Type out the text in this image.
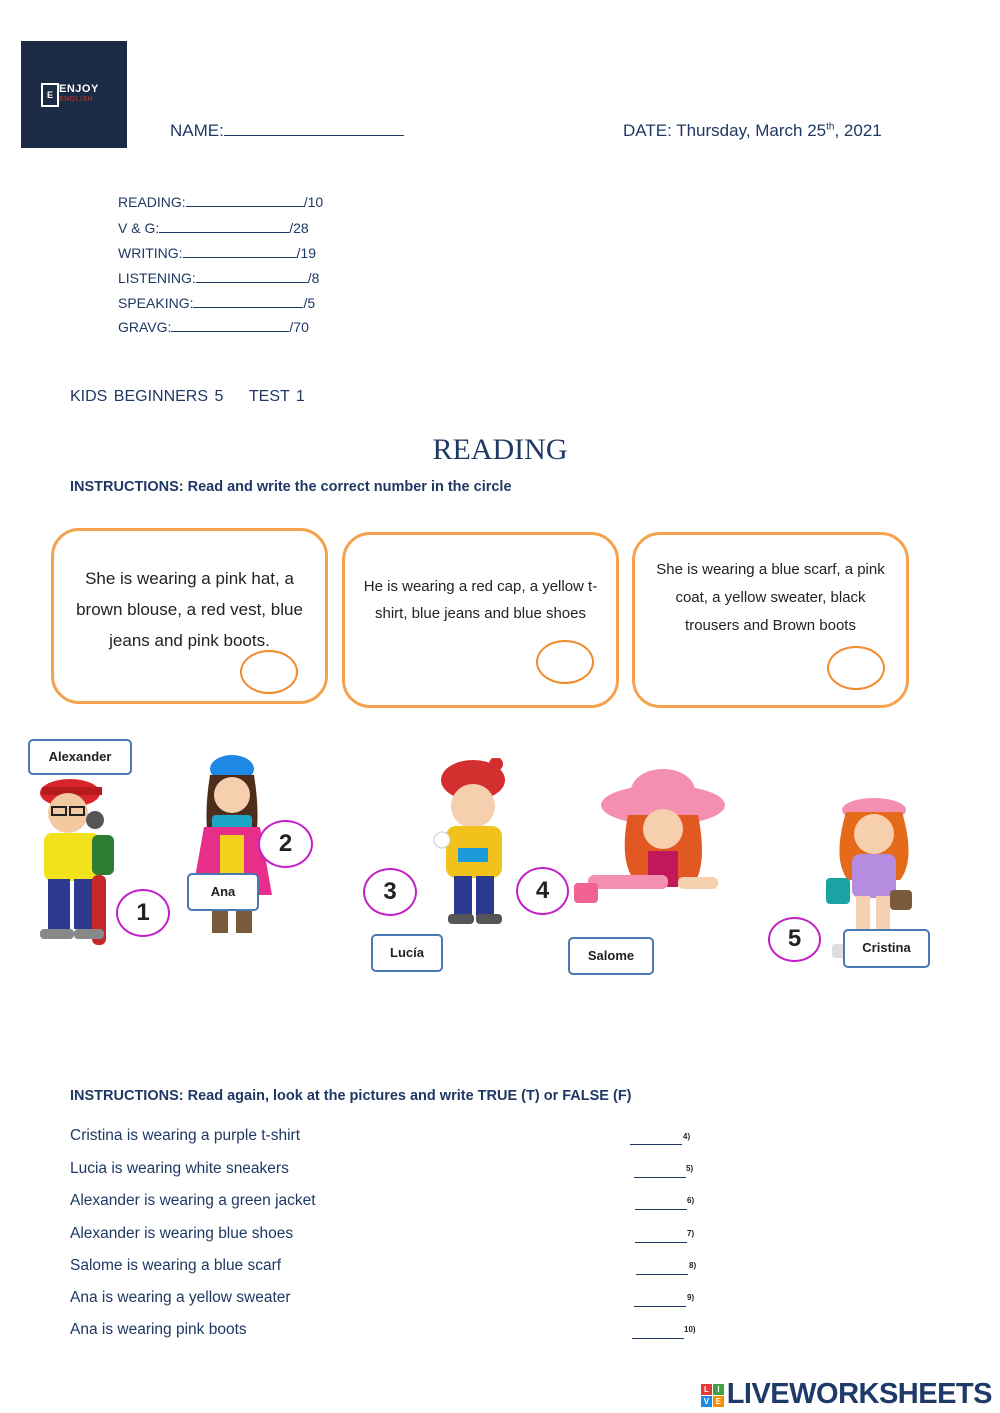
E ENJOY
ENGLISH
NAME:	DATE: Thursday, March 25th, 2021
READING:	/10
V & G:	/28
WRITING:	/19
LISTENING:	/8
SPEAKING:	/5
GRAVG:	/70
KIDS BEGINNERS 5    TEST 1
READING
INSTRUCTIONS: Read and write the correct number in the circle
She is wearing a pink hat, a brown blouse, a red vest, blue jeans and pink boots.
He is wearing a red cap, a yellow t-shirt, blue jeans and blue shoes
She is wearing a blue scarf, a pink coat, a yellow sweater, black trousers and Brown boots
Alexander
Ana
Lucía	Salome
Cristina
1
2
3	4
5
INSTRUCTIONS: Read again, look at the pictures and write TRUE (T) or FALSE (F)
Cristina is wearing a purple t-shirt	4)
Lucia is wearing white sneakers	5)
Alexander is wearing a green jacket	6)
Alexander is wearing blue shoes	7)
Salome is wearing a blue scarf	8)
Ana is wearing a yellow sweater	9)
Ana is wearing pink boots	10)
L	I
V E LIVEWORKSHEETS
